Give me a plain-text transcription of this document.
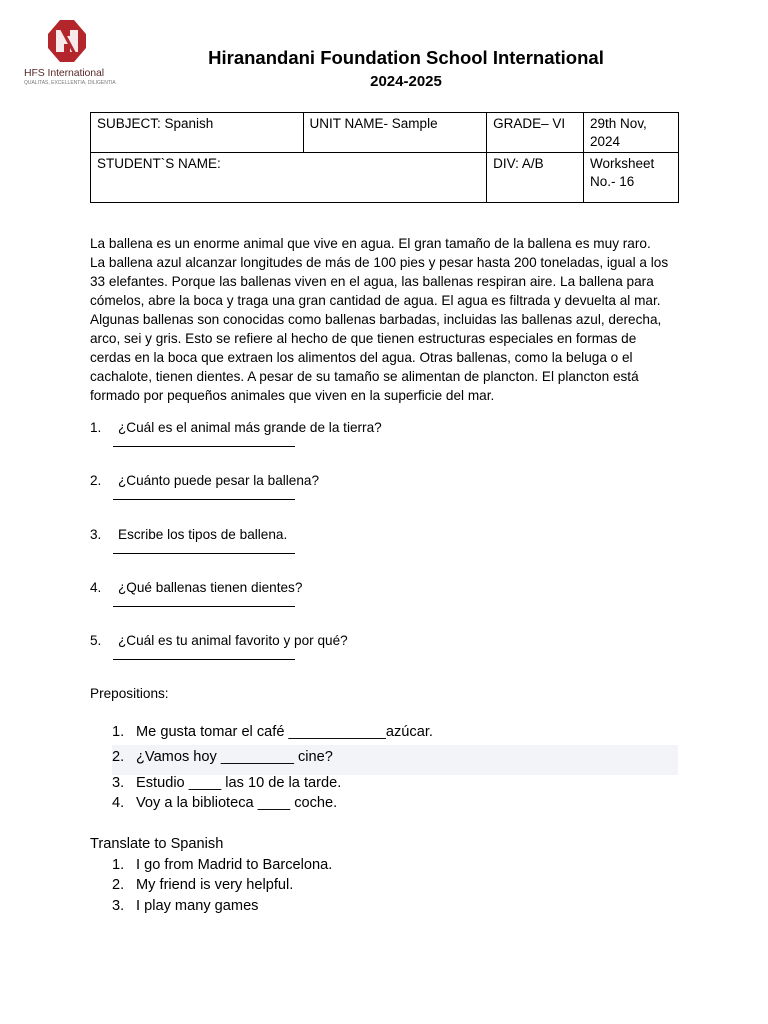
HFS International
QUALITAS, EXCELLENTIA, DILIGENTIA
Hiranandani Foundation School International
2024-2025
SUBJECT: Spanish	UNIT NAME- Sample	GRADE– VI	29th Nov,
2024

STUDENT`S NAME:		DIV: A/B	Worksheet
No.- 16

La ballena es un enorme animal que vive en agua. El gran tamaño de la ballena es muy raro.

La ballena azul alcanzar longitudes de más de 100 pies y pesar hasta 200 toneladas, igual a los

33 elefantes. Porque las ballenas viven en el agua, las ballenas respiran aire. La ballena para

cómelos, abre la boca y traga una gran cantidad de agua. El agua es filtrada y devuelta al mar.

Algunas ballenas son conocidas como ballenas barbadas, incluidas las ballenas azul, derecha,

arco, sei y gris. Esto se refiere al hecho de que tienen estructuras especiales en formas de

cerdas en la boca que extraen los alimentos del agua. Otras ballenas, como la beluga o el

cachalote, tienen dientes. A pesar de su tamaño se alimentan de plancton. El plancton está

formado por pequeños animales que viven en la superficie del mar.

1. ¿Cuál es el animal más grande de la tierra?
2. ¿Cuánto puede pesar la ballena?
3. Escribe los tipos de ballena.
4. ¿Qué ballenas tienen dientes?
5. ¿Cuál es tu animal favorito y por qué?
Prepositions:
1. Me gusta tomar el café ____________azúcar.
2. ¿Vamos hoy _________ cine?
3. Estudio ____ las 10 de la tarde.
4. Voy a la biblioteca ____ coche.
Translate to Spanish
1. I go from Madrid to Barcelona.
2. My friend is very helpful.
3. I play many games
